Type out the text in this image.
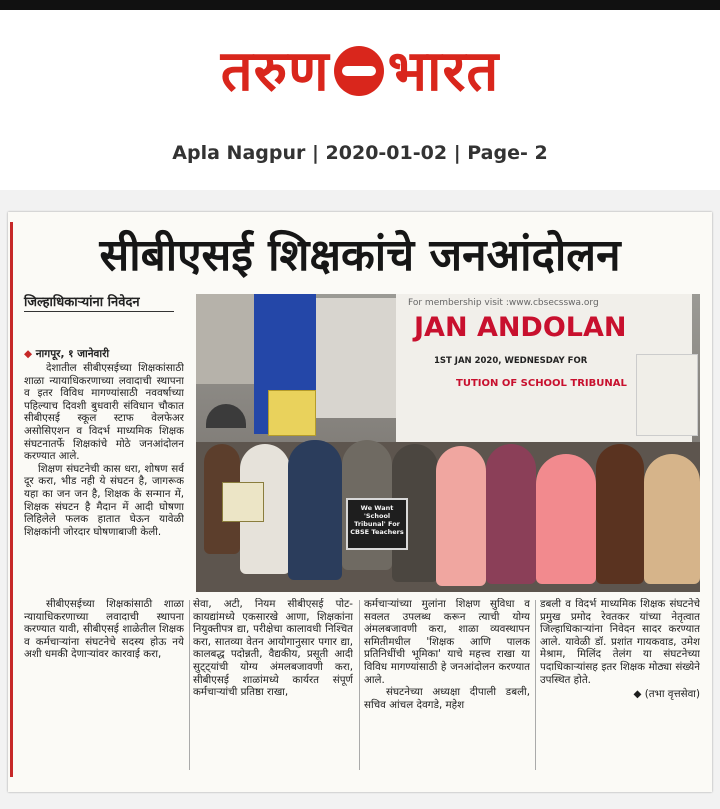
तरुण भारत
Apla Nagpur | 2020-01-02 | Page- 2
सीबीएसई शिक्षकांचे जनआंदोलन
जिल्हाधिकाऱ्यांना निवेदन
◆ नागपूर, १ जानेवारी
देशातील सीबीएसईच्या शिक्षकांसाठी शाळा न्यायाधिकरणाच्या लवादाची स्थापना व इतर विविध मागण्यांसाठी नववर्षाच्या पहिल्याच दिवशी बुधवारी संविधान चौकात सीबीएसई स्कूल स्टाफ वेलफेअर असोसिएशन व विदर्भ माध्यमिक शिक्षक संघटनातर्फे शिक्षकांचे मोठे जनआंदोलन करण्यात आले.
शिक्षण संघटनेची कास धरा, शोषण सर्व दूर करा, भीड नही ये संघटन है, जागरूक यहा का जन जन है, शिक्षक के सन्मान में, शिक्षक संघटन है मैदान में आदी घोषणा लिहिलेले फलक हातात घेऊन यावेळी शिक्षकांनी जोरदार घोषणाबाजी केली.
For membership visit :www.cbsecsswa.org
JAN ANDOLAN
1ST JAN 2020, WEDNESDAY FOR
TUTION OF SCHOOL TRIBUNAL
We Want 'School Tribunal' For CBSE Teachers
सीबीएसईच्या शिक्षकांसाठी शाळा न्यायाधिकरणाच्या लवादाची स्थापना करण्यात यावी, सीबीएसई शाळेतील शिक्षक व कर्मचाऱ्यांना संघटनेचे सदस्य होऊ नये अशी धमकी देणाऱ्यांवर कारवाई करा,
सेवा, अटी, नियम सीबीएसई पोट-कायद्यांमध्ये एकसारखे आणा, शिक्षकांना नियुक्तीपत्र द्या, परीक्षेचा कालावधी निश्चित करा, सातव्या वेतन आयोगानुसार पगार द्या, कालबद्ध पदोन्नती, वैद्यकीय, प्रसूती आदी सुट्ट्यांची योग्य अंमलबजावणी करा, सीबीएसई शाळांमध्ये कार्यरत संपूर्ण कर्मचाऱ्यांची प्रतिष्ठा राखा,
कर्मचाऱ्यांच्या मुलांना शिक्षण सुविधा व सवलत उपलब्ध करून त्याची योग्य अंमलबजावणी करा, शाळा व्यवस्थापन समितीमधील 'शिक्षक आणि पालक प्रतिनिधींची भूमिका' याचे महत्त्व राखा या विविध मागण्यांसाठी हे जनआंदोलन करण्यात आले.
संघटनेच्या अध्यक्षा दीपाली डबली, सचिव आंचल देवगडे, महेश
डबली व विदर्भ माध्यमिक शिक्षक संघटनेचे प्रमुख प्रमोद रेवतकर यांच्या नेतृत्वात जिल्हाधिकाऱ्यांना निवेदन सादर करण्यात आले. यावेळी डॉ. प्रशांत गायकवाड, उमेश मेश्राम, मिलिंद तेलंग या संघटनेच्या पदाधिकाऱ्यांसह इतर शिक्षक मोठ्या संख्येने उपस्थित होते.
◆ (तभा वृत्तसेवा)
